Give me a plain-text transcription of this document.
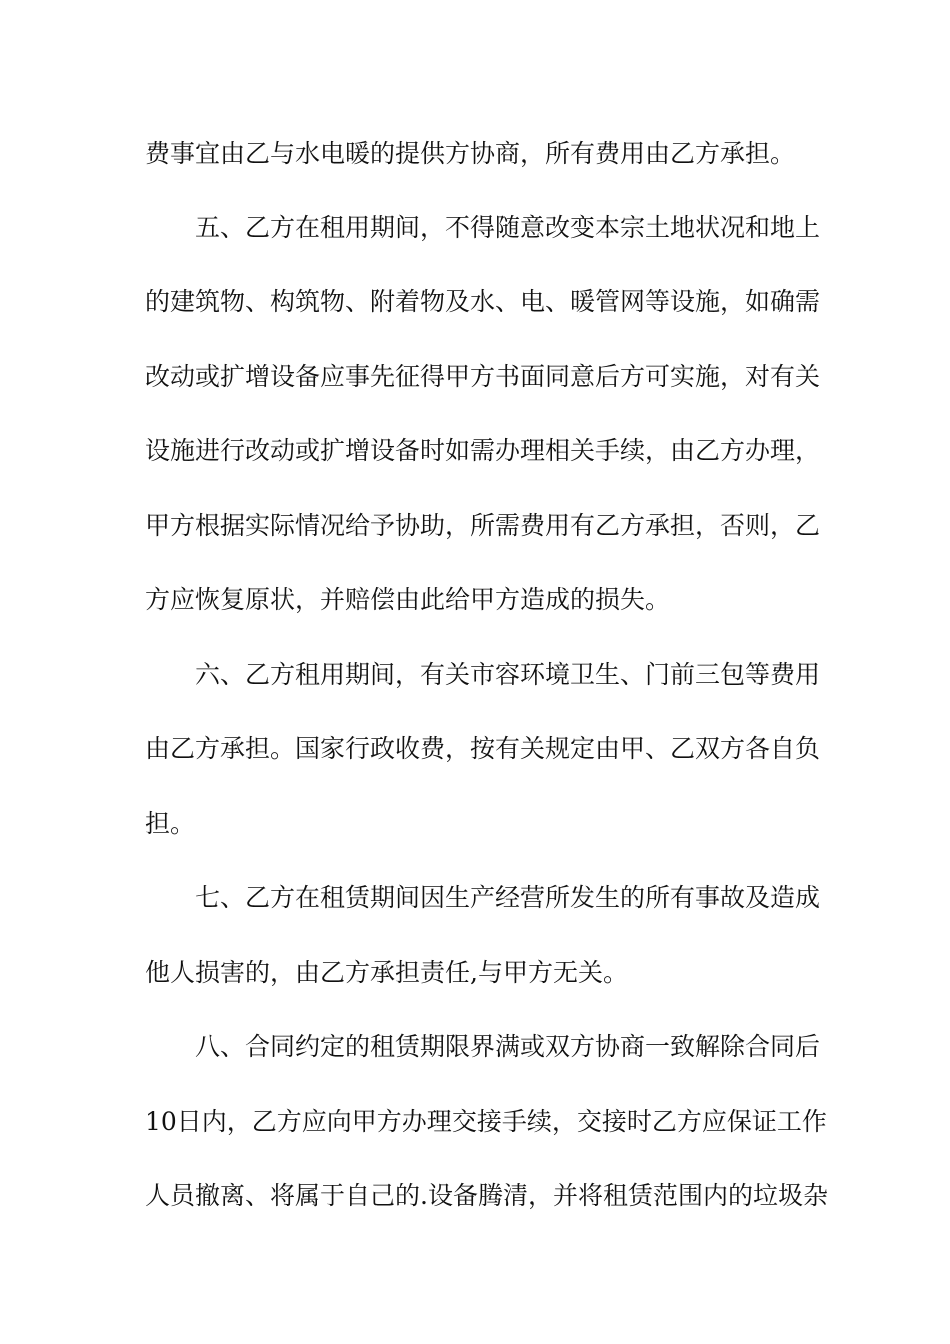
费事宜由乙与水电暖的提供方协商，所有费用由乙方承担。
五、乙方在租用期间，不得随意改变本宗土地状况和地上
的建筑物、构筑物、附着物及水、电、暖管网等设施，如确需
改动或扩增设备应事先征得甲方书面同意后方可实施，对有关
设施进行改动或扩增设备时如需办理相关手续，由乙方办理，
甲方根据实际情况给予协助，所需费用有乙方承担，否则，乙
方应恢复原状，并赔偿由此给甲方造成的损失。
六、乙方租用期间，有关市容环境卫生、门前三包等费用
由乙方承担。国家行政收费，按有关规定由甲、乙双方各自负
担。
七、乙方在租赁期间因生产经营所发生的所有事故及造成
他人损害的，由乙方承担责任,与甲方无关。
八、合同约定的租赁期限界满或双方协商一致解除合同后
10日内，乙方应向甲方办理交接手续，交接时乙方应保证工作
人员撤离、将属于自己的.设备腾清，并将租赁范围内的垃圾杂
